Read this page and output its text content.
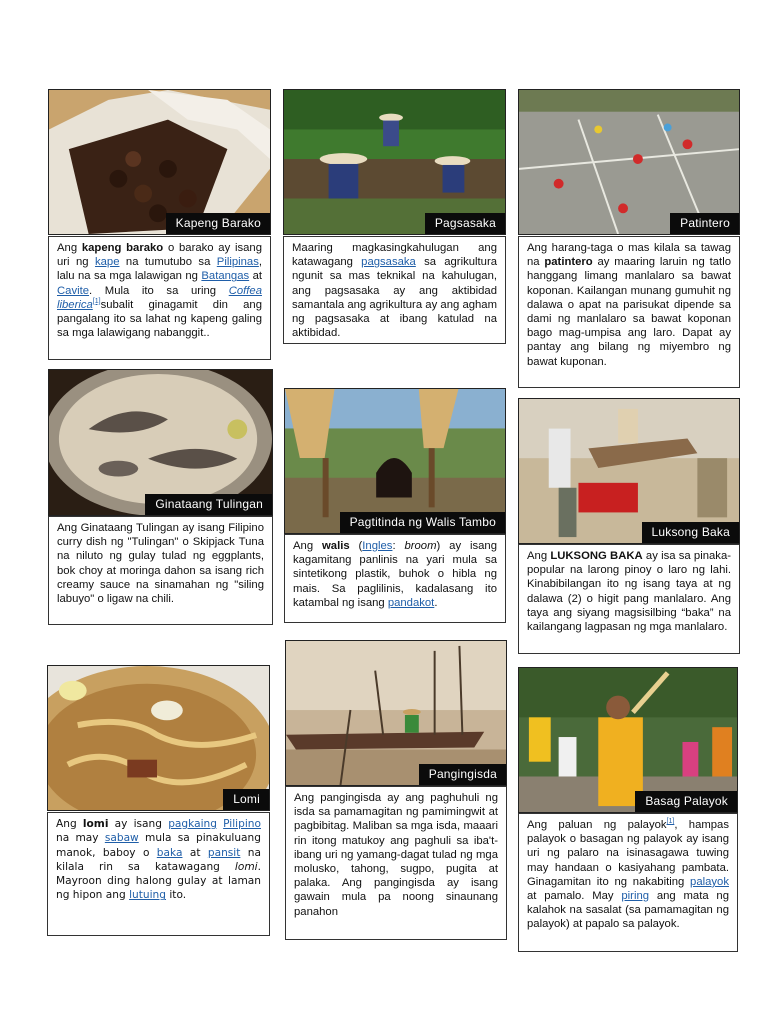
Kapeng Barako
Ang kapeng barako o barako ay isang uri ng kape na tumutubo sa Pilipinas, lalu na sa mga lalawigan ng Batangas at Cavite. Mula ito sa uring Coffea liberica[1]subalit ginagamit din ang pangalang ito sa lahat ng kapeng galing sa mga lalawigang nabanggit..
Pagsasaka
Maaring magkasingkahulugan ang katawagang pagsasaka sa agrikultura ngunit sa mas teknikal na kahulugan, ang pagsasaka ay ang aktibidad samantala ang agrikultura ay ang agham ng pagsasaka at ibang katulad na aktibidad.
Patintero
Ang harang-taga o mas kilala sa tawag na patintero ay maaring laruin ng tatlo hanggang limang manlalaro sa bawat koponan. Kailangan munang gumuhit ng dalawa o apat na parisukat dipende sa dami ng manlalaro sa bawat koponan bago mag-umpisa ang laro. Dapat ay pantay ang bilang ng miyembro ng bawat kuponan.
Ginataang Tulingan
Ang Ginataang Tulingan ay isang Filipino curry dish ng "Tulingan" o Skipjack Tuna na niluto ng gulay tulad ng eggplants, bok choy at moringa dahon sa isang rich creamy sauce na sinamahan ng "siling labuyo" o ligaw na chili.
Pagtitinda ng Walis Tambo
Ang walis (Ingles: broom) ay isang kagamitang panlinis na yari mula sa sintetikong plastik, buhok o hibla ng mais. Sa paglilinis, kadalasang ito katambal ng isang pandakot.
Luksong Baka
Ang LUKSONG BAKA ay isa sa pinaka-popular na larong pinoy o laro ng lahi. Kinabibilangan ito ng isang taya at ng dalawa (2) o higit pang manlalaro. Ang taya ang siyang magsisilbing “baka” na kailangang lagpasan ng mga manlalaro.
Lomi
Ang lomi ay isang pagkaing Pilipino na may sabaw mula sa pinakuluang manok, baboy o baka at pansit na kilala rin sa katawagang lomi. Mayroon ding halong gulay at laman ng hipon ang lutuing ito.
Pangingisda
Ang pangingisda ay ang paghuhuli ng isda sa pamamagitan ng pamimingwit at pagbibitag. Maliban sa mga isda, maaari rin itong matukoy ang paghuli sa iba't-ibang uri ng yamang-dagat tulad ng mga molusko, tahong, sugpo, pugita at palaka. Ang pangingisda ay isang gawain mula pa noong sinaunang panahon
Basag Palayok
Ang paluan ng palayok[1], hampas palayok o basagan ng palayok ay isang uri ng palaro na isinasagawa tuwing may handaan o kasiyahang pambata. Ginagamitan ito ng nakabiting palayok at pamalo. May piring ang mata ng kalahok na sasalat (sa pamamagitan ng palayok) at papalo sa palayok.
